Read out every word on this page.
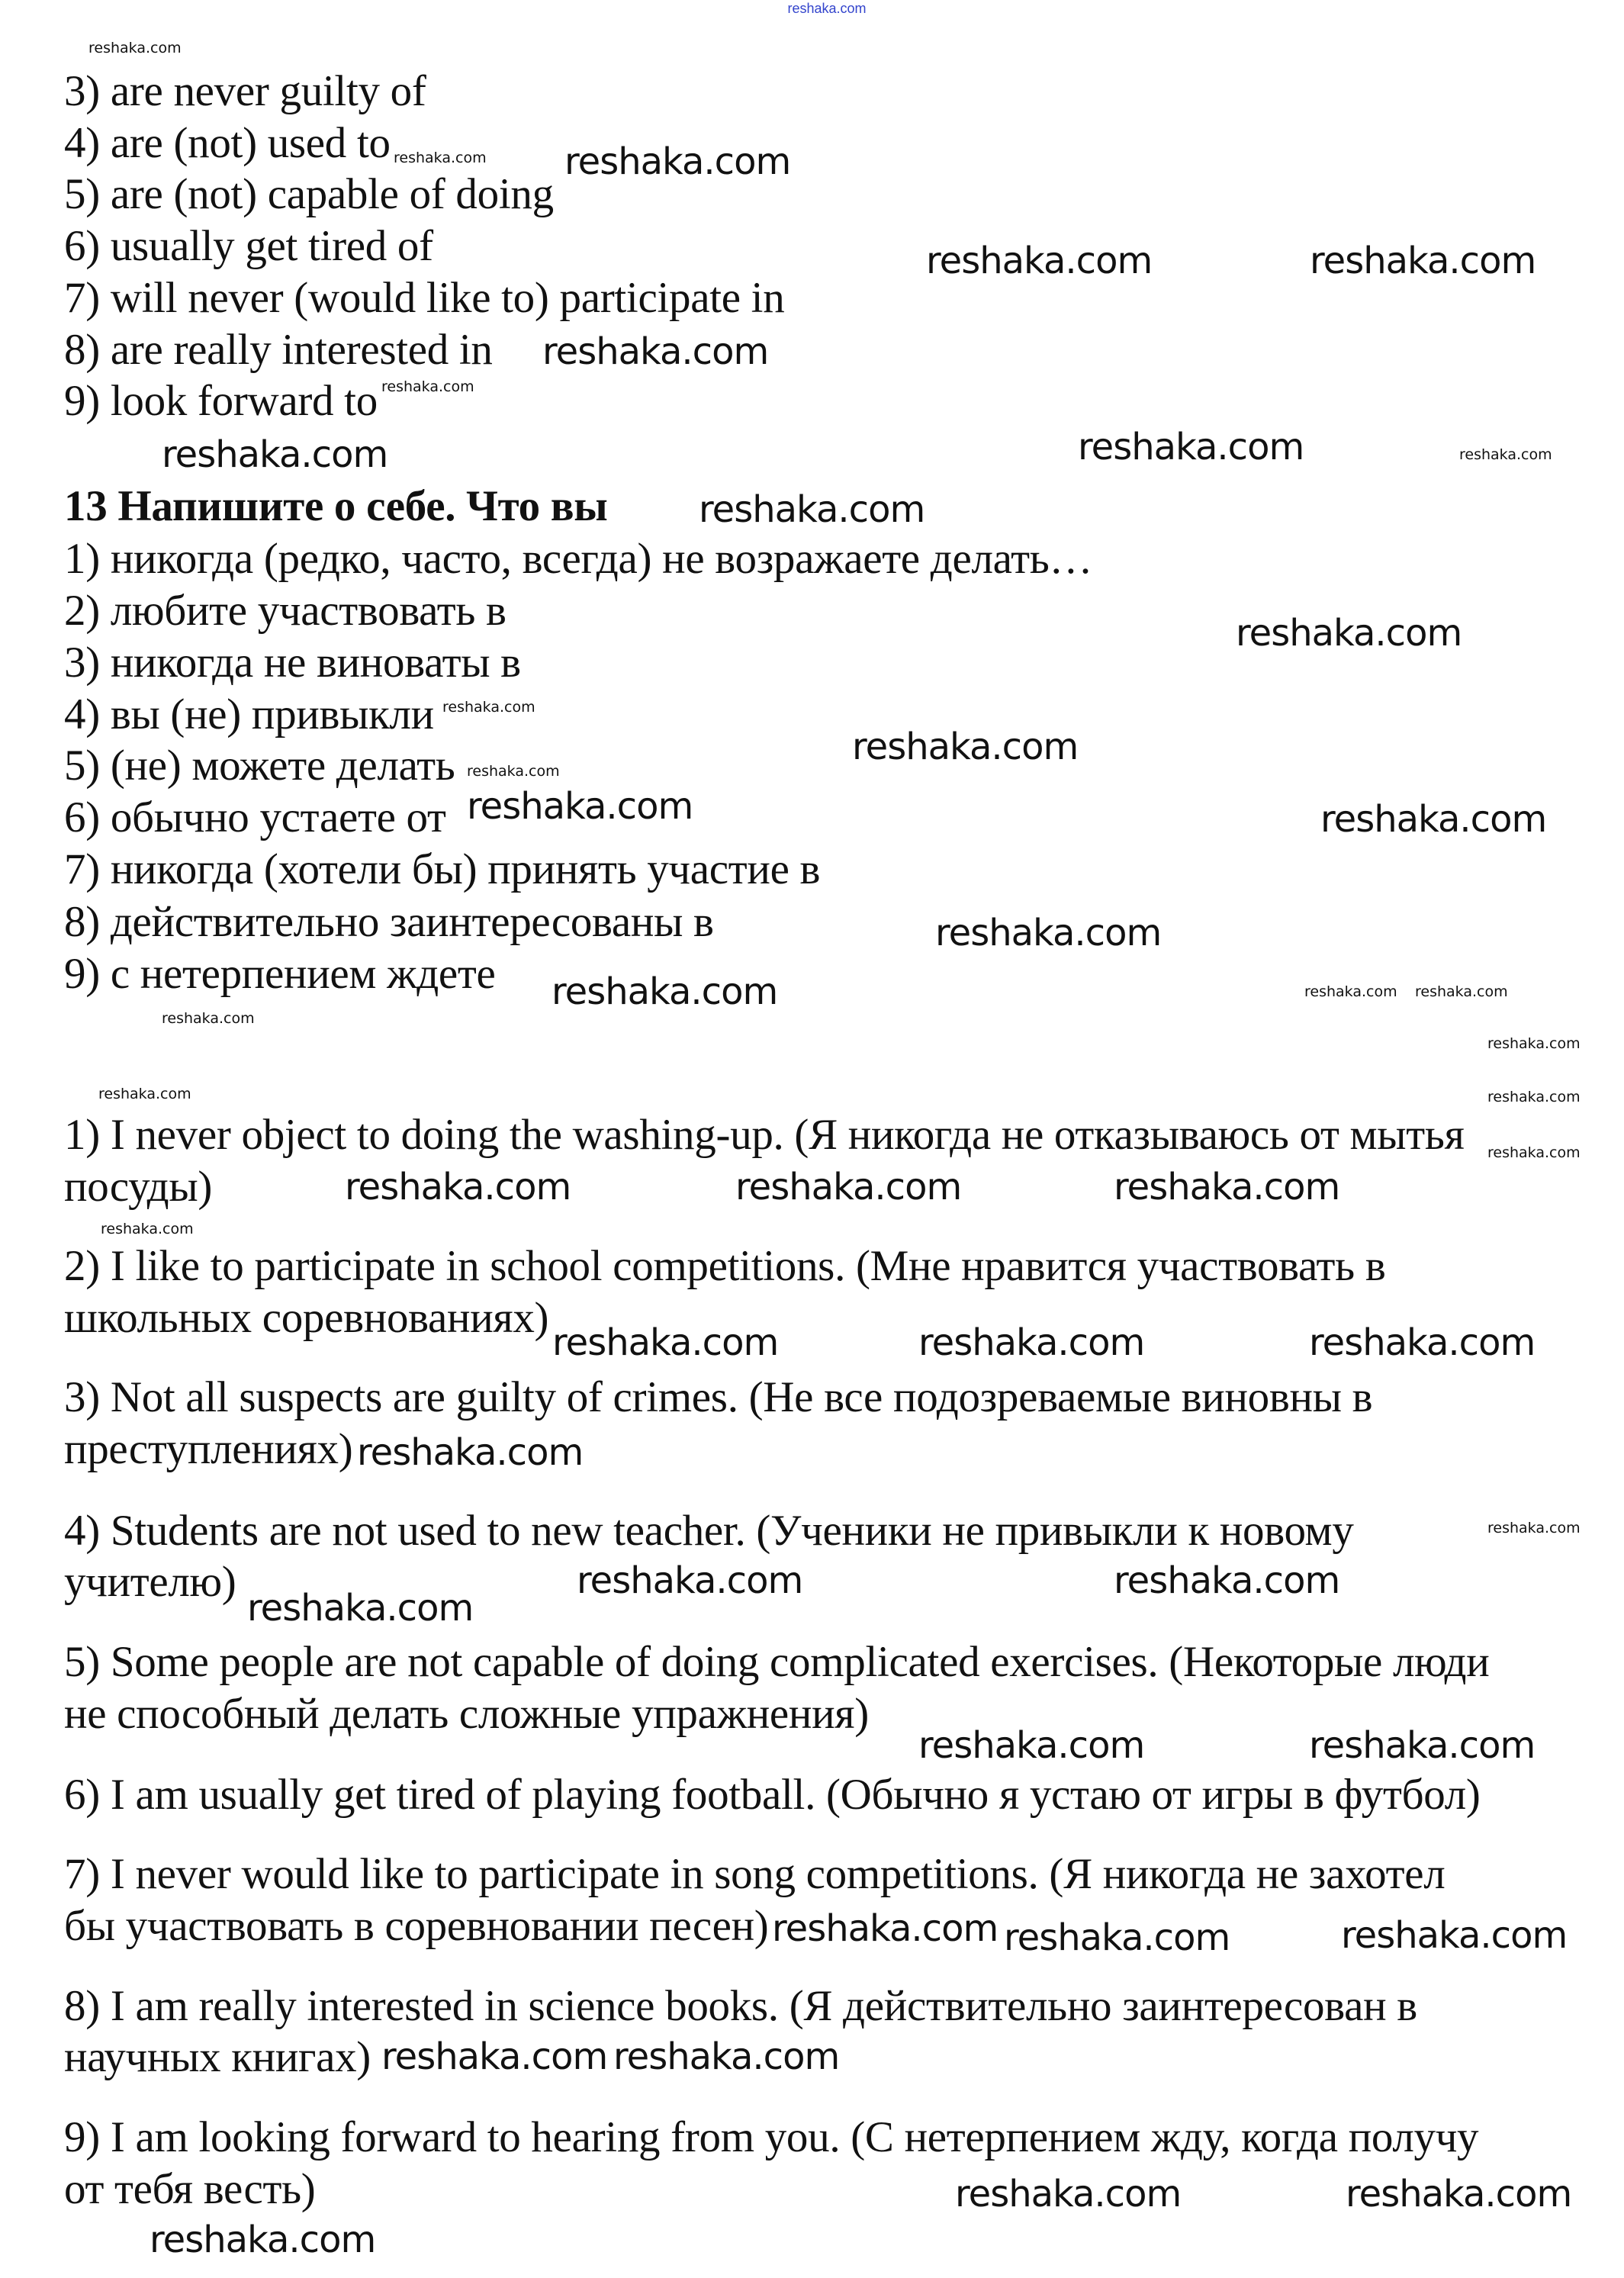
reshaka.com
3) are never guilty of
4) are (not) used to
5) are (not) capable of doing
6) usually get tired of
7) will never (would like to) participate in
8) are really interested in
9) look forward to
13 Напишите о себе. Что вы
1) никогда (редко, часто, всегда) не возражаете делать…
2) любите участвовать в
3) никогда не виноваты в
4) вы (не) привыкли
5) (не) можете делать
6) обычно устаете от
7) никогда (хотели бы) принять участие в
8) действительно заинтересованы в
9) с нетерпением ждете
1) I never object to doing the washing-up. (Я никогда не отказываюсь от мытья
посуды)
2) I like to participate in school competitions. (Мне нравится участвовать в
школьных соревнованиях)
3) Not all suspects are guilty of crimes. (Не все подозреваемые виновны в
преступлениях)
4) Students are not used to new teacher. (Ученики не привыкли к новому
учителю)
5) Some people are not capable of doing complicated exercises. (Некоторые люди
не способный делать сложные упражнения)
6) I am usually get tired of playing football. (Обычно я устаю от игры в футбол)
7) I never would like to participate in song competitions. (Я никогда не захотел
бы участвовать в соревновании песен)
8) I am really interested in science books. (Я действительно заинтересован в
научных книгах)
9) I am looking forward to hearing from you. (С нетерпением жду, когда получу
от тебя весть)
reshaka.com
reshaka.com	reshaka.com
reshaka.com
reshaka.com
reshaka.com
reshaka.com
reshaka.com
reshaka.com
reshaka.com	reshaka.com
reshaka.com
reshaka.com
reshaka.com	reshaka.com	reshaka.com
reshaka.com
reshaka.com	reshaka.com	reshaka.com
reshaka.com	reshaka.com
reshaka.com
reshaka.com	reshaka.com
reshaka.com
reshaka.com reshaka.com	reshaka.com
reshaka.com
reshaka.com
reshaka.com	reshaka.com
reshaka.com
reshaka.com
reshaka.com
reshaka.com
reshaka.com
reshaka.com
reshaka.com
reshaka.com reshaka.com
reshaka.com
reshaka.com	reshaka.com
reshaka.com
reshaka.com
reshaka.com
